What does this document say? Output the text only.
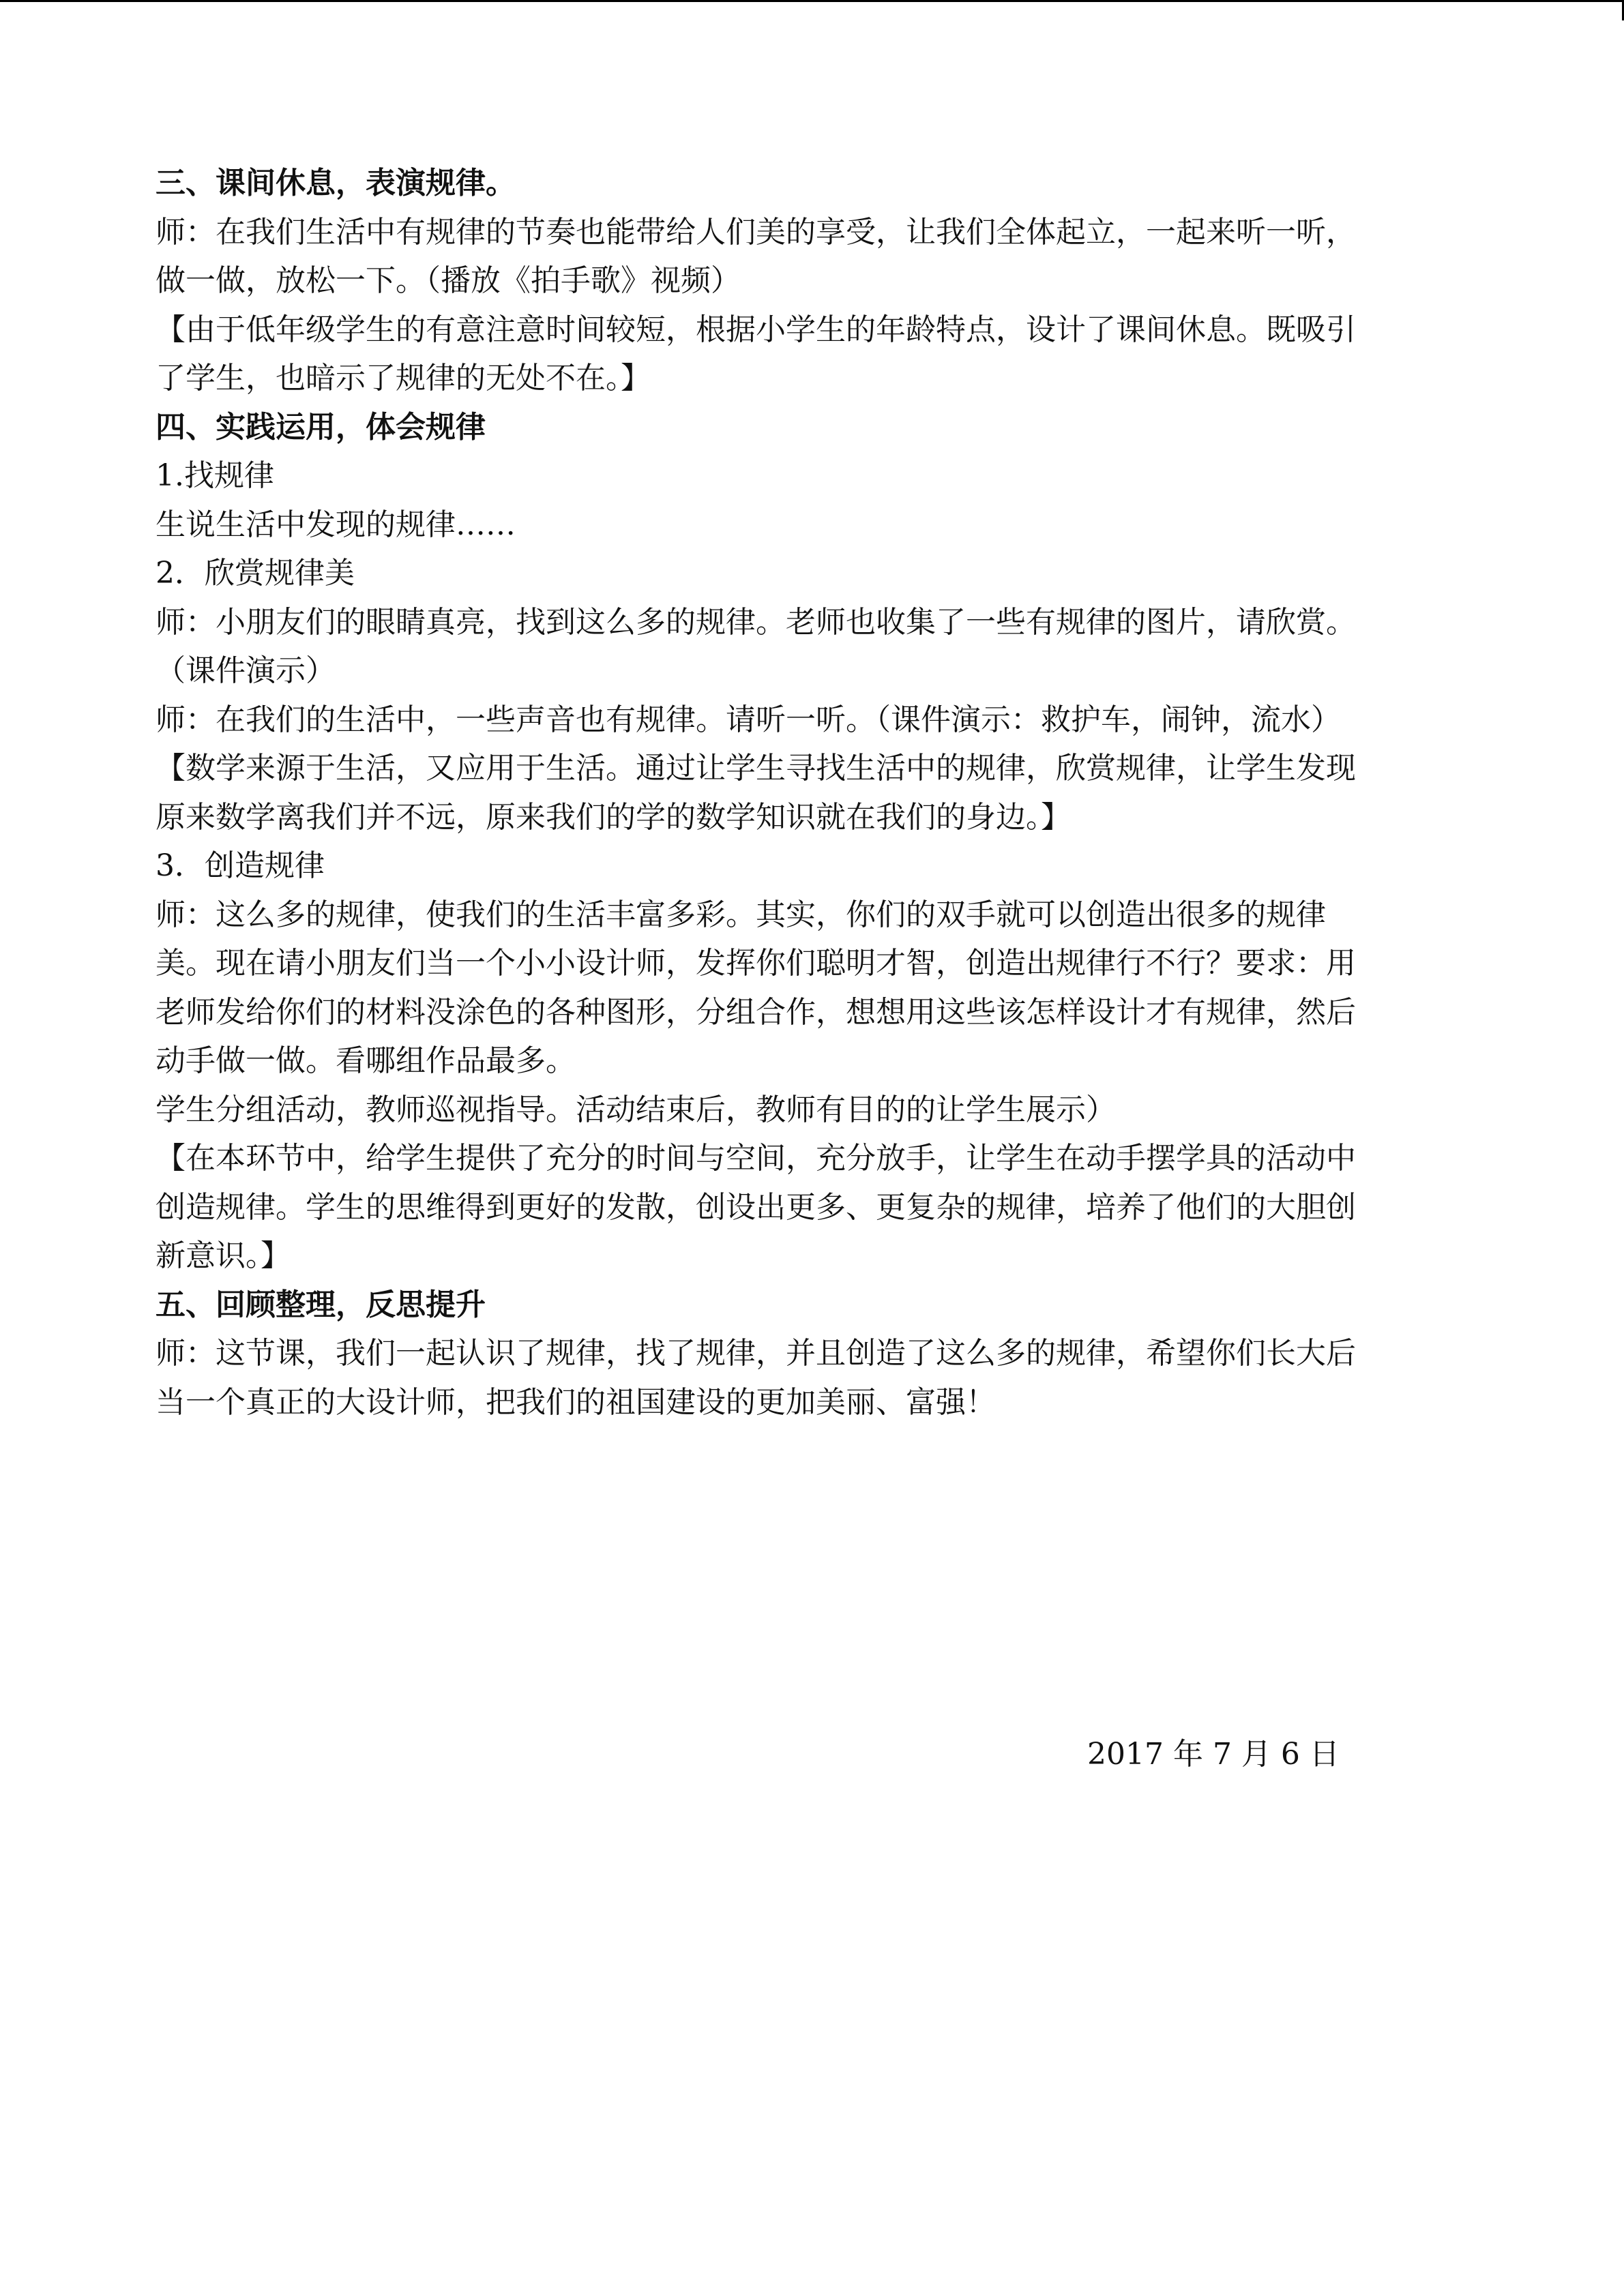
三、课间休息，表演规律。

师：在我们生活中有规律的节奏也能带给人们美的享受，让我们全体起立，一起来听一听，

做一做，放松一下。（播放《拍手歌》视频）

【由于低年级学生的有意注意时间较短，根据小学生的年龄特点，设计了课间休息。既吸引

了学生，也暗示了规律的无处不在。】

四、实践运用，体会规律

1.找规律

生说生活中发现的规律……

2．欣赏规律美

师：小朋友们的眼睛真亮，找到这么多的规律。老师也收集了一些有规律的图片，请欣赏。

（课件演示）

师：在我们的生活中，一些声音也有规律。请听一听。（课件演示：救护车，闹钟，流水）

【数学来源于生活，又应用于生活。通过让学生寻找生活中的规律，欣赏规律，让学生发现

原来数学离我们并不远，原来我们的学的数学知识就在我们的身边。】

3．创造规律

师：这么多的规律，使我们的生活丰富多彩。其实，你们的双手就可以创造出很多的规律

美。现在请小朋友们当一个小小设计师，发挥你们聪明才智，创造出规律行不行？要求：用

老师发给你们的材料没涂色的各种图形，分组合作，想想用这些该怎样设计才有规律，然后

动手做一做。看哪组作品最多。

学生分组活动，教师巡视指导。活动结束后，教师有目的的让学生展示）

【在本环节中，给学生提供了充分的时间与空间，充分放手，让学生在动手摆学具的活动中

创造规律。学生的思维得到更好的发散，创设出更多、更复杂的规律，培养了他们的大胆创

新意识。】

五、回顾整理，反思提升

师：这节课，我们一起认识了规律，找了规律，并且创造了这么多的规律，希望你们长大后

当一个真正的大设计师，把我们的祖国建设的更加美丽、富强！

2017 年 7 月 6 日
